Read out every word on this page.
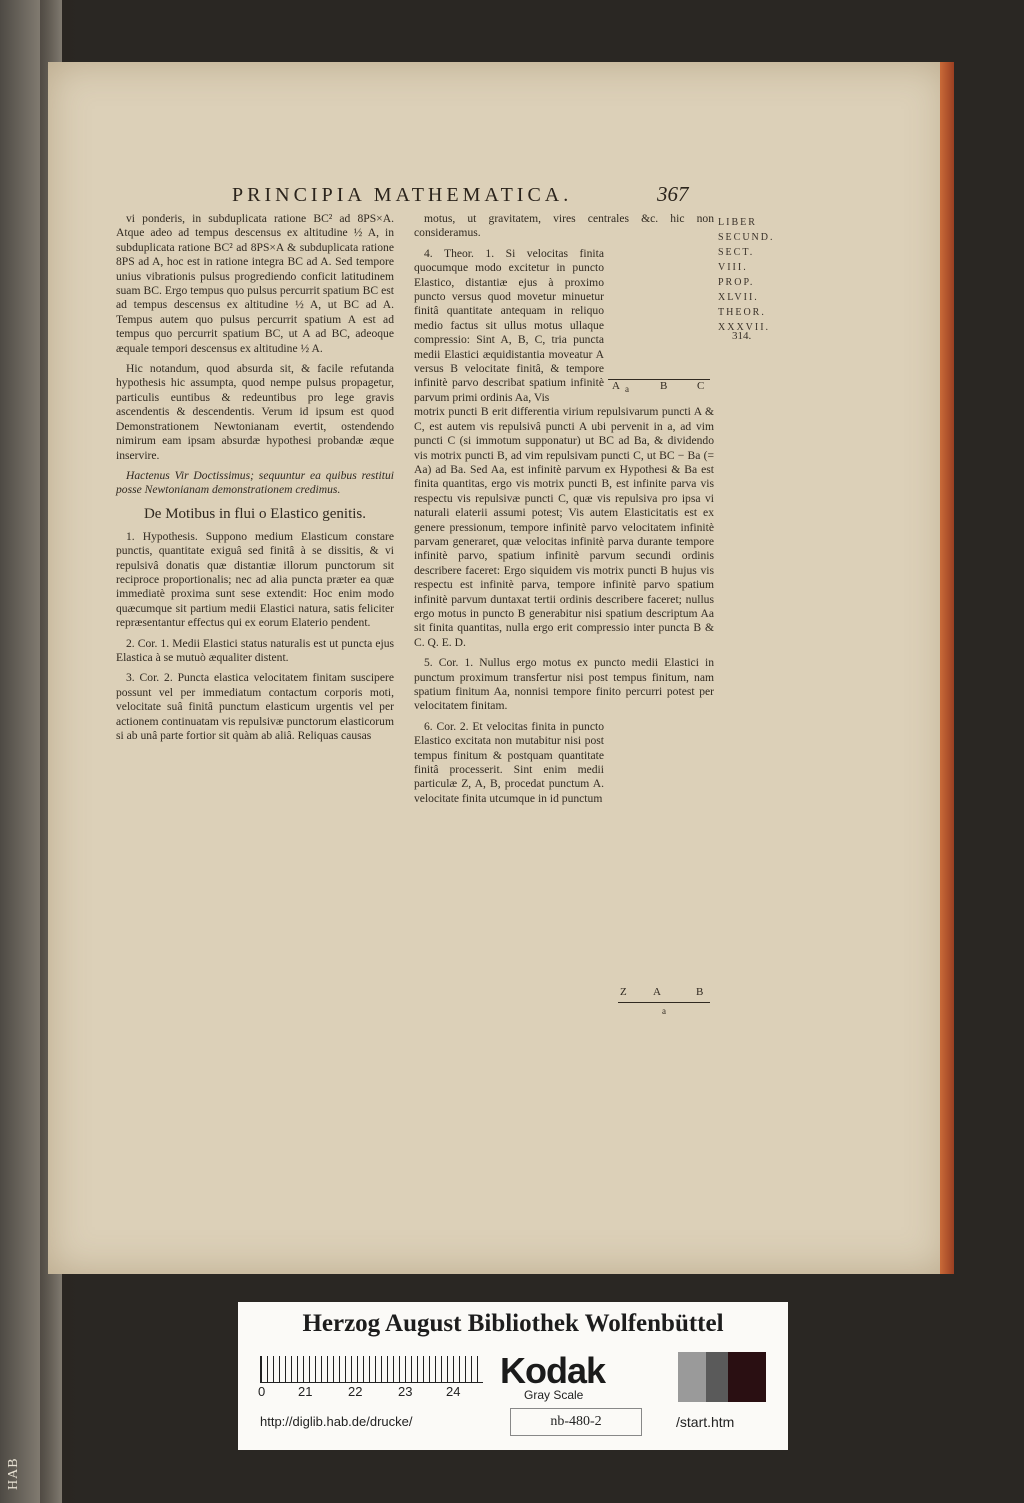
HAB
PRINCIPIA MATHEMATICA.	367

vi ponderis, in subduplicata ratione BC² ad 8PS×A. Atque adeo ad tempus descensus ex altitudine ½ A, in subduplicata ratione BC² ad 8PS×A & subduplicata ratione 8PS ad A, hoc est in ratione integra BC ad A. Sed tempore unius vibrationis pulsus progrediendo conficit latitudinem suam BC. Ergo tempus quo pulsus percurrit spatium BC est ad tempus descensus ex altitudine ½ A, ut BC ad A. Tempus autem quo pulsus percurrit spatium A est ad tempus quo percurrit spatium BC, ut A ad BC, adeoque æquale tempori descensus ex altitudine ½ A.

Hic notandum, quod absurda sit, & facile refutanda hypothesis hic assumpta, quod nempe pulsus propagetur, particulis euntibus & redeuntibus pro lege gravis ascendentis & descendentis. Verum id ipsum est quod Demonstrationem Newtonianam evertit, ostendendo nimirum eam ipsam absurdæ hypothesi probandæ æque inservire.

Hactenus Vir Doctissimus; sequuntur ea quibus restitui posse Newtonianam demonstrationem credimus.

De Motibus in flui o Elastico genitis.

1. Hypothesis. Suppono medium Elasticum constare punctis, quantitate exiguâ sed finitâ à se dissitis, & vi repulsivâ donatis quæ distantiæ illorum punctorum sit reciproce proportionalis; nec ad alia puncta præter ea quæ immediatè proxima sunt sese extendit: Hoc enim modo quæcumque sit partium medii Elastici natura, satis feliciter repræsentantur effectus qui ex eorum Elaterio pendent.

2. Cor. 1. Medii Elastici status naturalis est ut puncta ejus Elastica à se mutuò æqualiter distent.

3. Cor. 2. Puncta elastica velocitatem finitam suscipere possunt vel per immediatum contactum corporis moti, velocitate suâ finitâ punctum elasticum urgentis vel per actionem continuatam vis repulsivæ punctorum elasticorum si ab unâ parte fortior sit quàm ab aliâ. Reliquas causas

motus, ut gravitatem, vires centrales &c. hic non consideramus.

4. Theor. 1. Si velocitas finita quocumque modo excitetur in puncto Elastico, distantiæ ejus à proximo puncto versus quod movetur minuetur finitâ quantitate antequam in reliquo medio factus sit ullus motus ullaque compressio: Sint A, B, C, tria puncta medii Elastici æquidistantia moveatur A versus B velocitate finitâ, & tempore infinitè parvo describat spatium infinitè parvum primi ordinis Aa, Vis

motrix puncti B erit differentia virium repulsivarum puncti A & C, est autem vis repulsivâ puncti A ubi pervenit in a, ad vim puncti C (si immotum supponatur) ut BC ad Ba, & dividendo vis motrix puncti B, ad vim repulsivam puncti C, ut BC − Ba (= Aa) ad Ba. Sed Aa, est infinitè parvum ex Hypothesi & Ba est finita quantitas, ergo vis motrix puncti B, est infinite parva vis respectu vis repulsivæ puncti C, quæ vis repulsiva pro ipsa vi naturali elaterii assumi potest; Vis autem Elasticitatis est ex genere pressionum, tempore infinitè parvo velocitatem infinitè parvam generaret, quæ velocitas infinitè parva durante tempore infinitè parvo, spatium infinitè parvum secundi ordinis describere faceret: Ergo siquidem vis motrix puncti B hujus vis respectu est infinitè parva, tempore infinitè parvo spatium infinitè parvum duntaxat tertii ordinis describere faceret; nullus ergo motus in puncto B generabitur nisi spatium descriptum Aa sit finita quantitas, nulla ergo erit compressio inter puncta B & C. Q. E. D.

5. Cor. 1. Nullus ergo motus ex puncto medii Elastici in punctum proximum transfertur nisi post tempus finitum, nam spatium finitum Aa, nonnisi tempore finito percurri potest per velocitatem finitam.

6. Cor. 2. Et velocitas finita in puncto Elastico excitata non mutabitur nisi post tempus finitum & postquam quantitate finitâ processerit. Sint enim medii particulæ Z, A, B, procedat punctum A. velocitate finita utcumque in id punctum

A a	B	C
Z A	B
a
LIBER
SECUND.
SECT.
VIII.
PROP.
XLVII.
THEOR.
XXXVII.
314.
Herzog August Bibliothek Wolfenbüttel
0	21	22	23	24
Kodak
Gray Scale
http://diglib.hab.de/drucke/	nb-480-2	/start.htm
